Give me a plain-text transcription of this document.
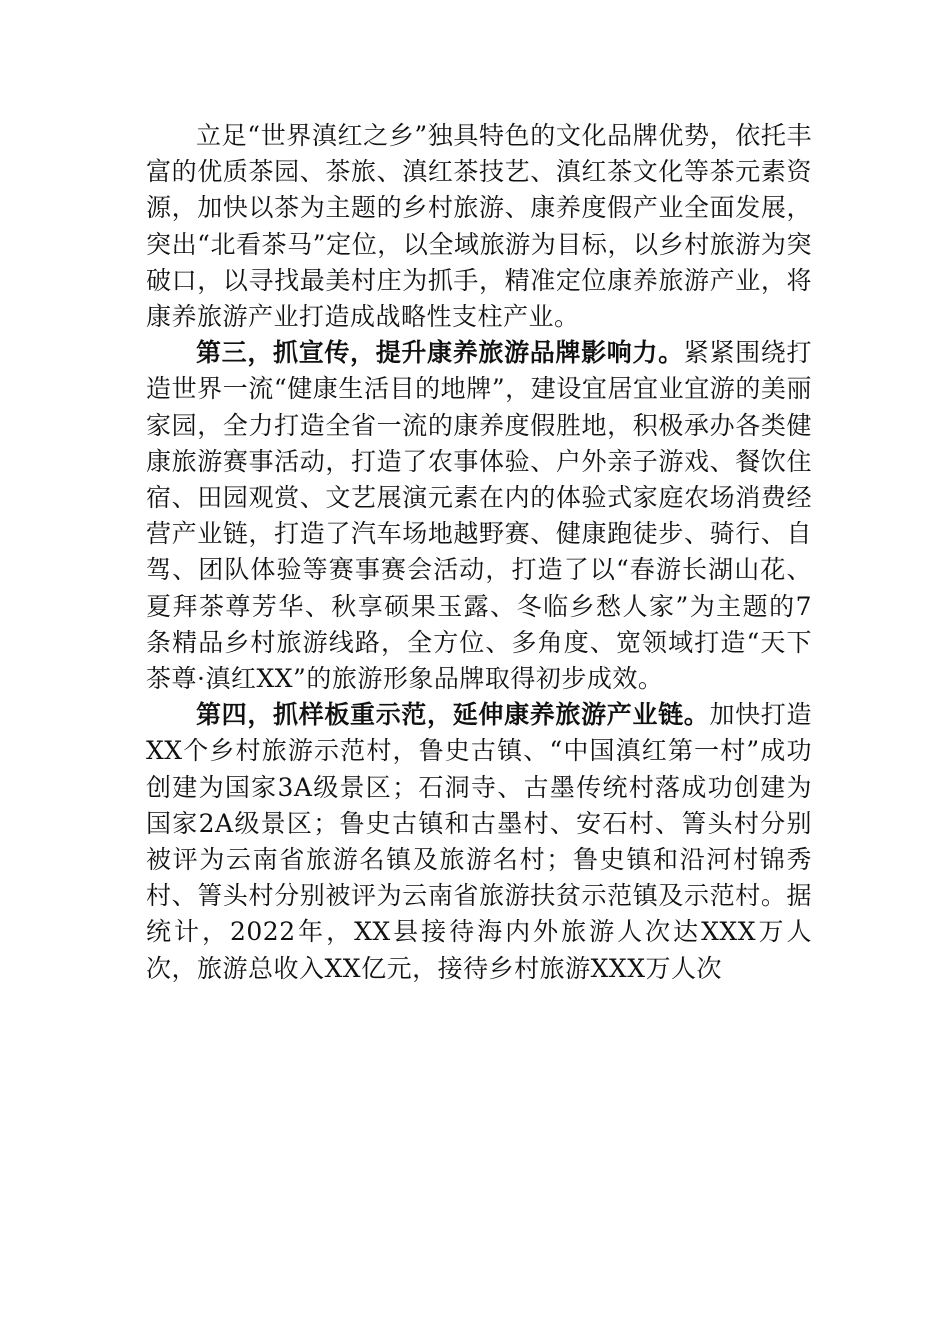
立足“世界滇红之乡”独具特色的文化品牌优势，依托丰富的优质茶园、茶旅、滇红茶技艺、滇红茶文化等茶元素资源，加快以茶为主题的乡村旅游、康养度假产业全面发展，突出“北看茶马”定位，以全域旅游为目标，以乡村旅游为突破口，以寻找最美村庄为抓手，精准定位康养旅游产业，将康养旅游产业打造成战略性支柱产业。

第三，抓宣传，提升康养旅游品牌影响力。紧紧围绕打造世界一流“健康生活目的地牌”，建设宜居宜业宜游的美丽家园，全力打造全省一流的康养度假胜地，积极承办各类健康旅游赛事活动，打造了农事体验、户外亲子游戏、餐饮住宿、田园观赏、文艺展演元素在内的体验式家庭农场消费经营产业链，打造了汽车场地越野赛、健康跑徒步、骑行、自驾、团队体验等赛事赛会活动，打造了以“春游长湖山花、夏拜茶尊芳华、秋享硕果玉露、冬临乡愁人家”为主题的7条精品乡村旅游线路，全方位、多角度、宽领域打造“天下茶尊·滇红XX”的旅游形象品牌取得初步成效。

第四，抓样板重示范，延伸康养旅游产业链。加快打造XX个乡村旅游示范村，鲁史古镇、“中国滇红第一村”成功创建为国家3A级景区；石洞寺、古墨传统村落成功创建为国家2A级景区；鲁史古镇和古墨村、安石村、箐头村分别被评为云南省旅游名镇及旅游名村；鲁史镇和沿河村锦秀村、箐头村分别被评为云南省旅游扶贫示范镇及示范村。据统计，2022年，XX县接待海内外旅游人次达XXX万人次，旅游总收入XX亿元，接待乡村旅游XXX万人次
